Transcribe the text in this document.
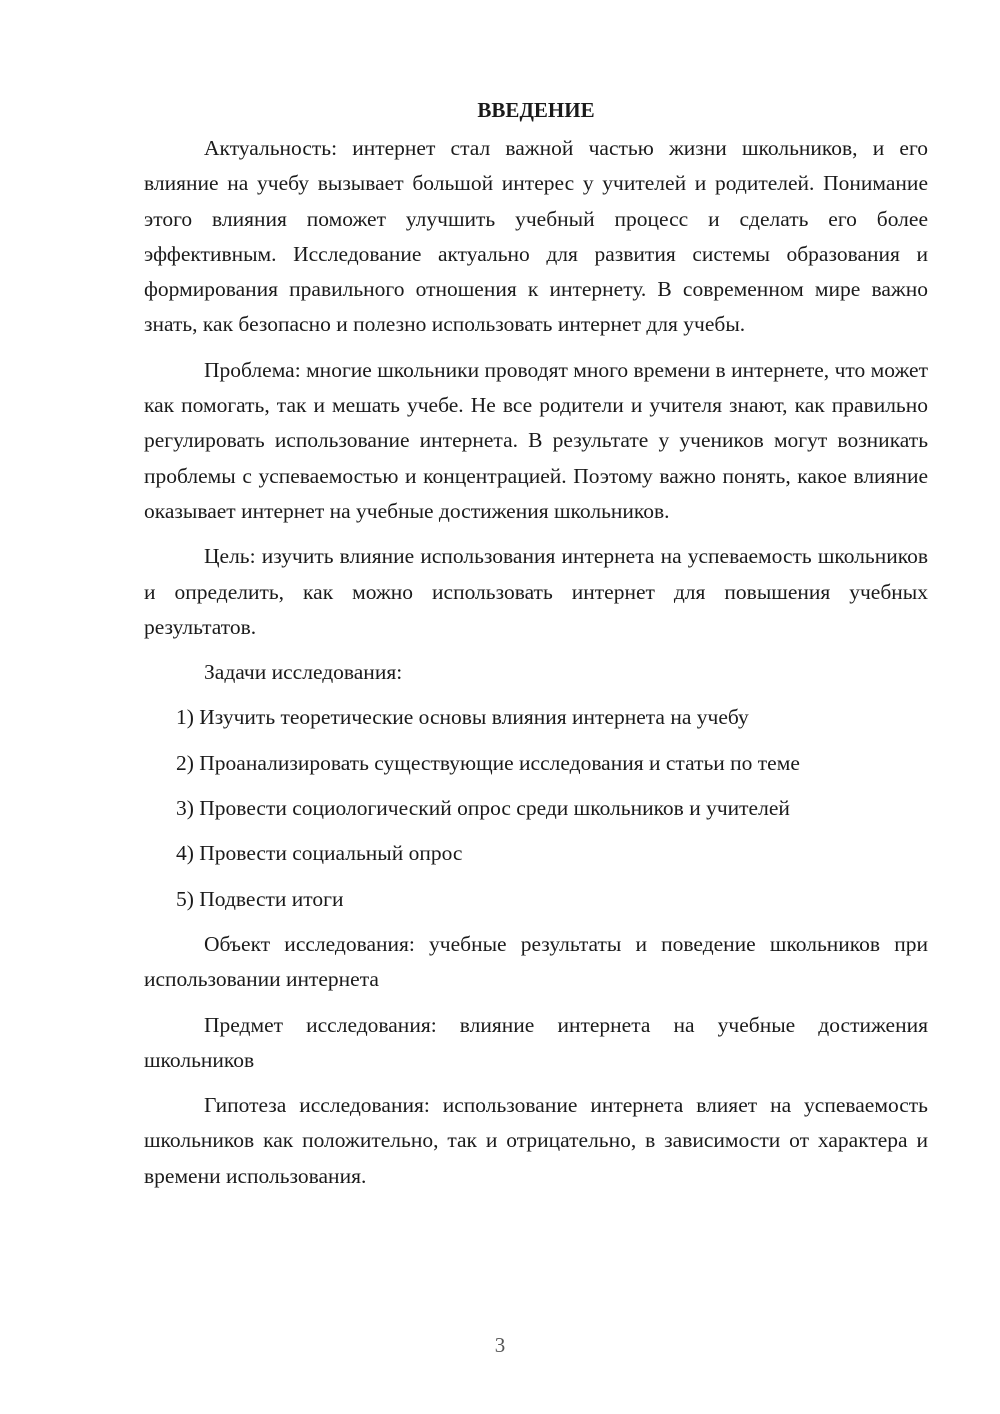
ВВЕДЕНИЕ

Актуальность: интернет стал важной частью жизни школьников, и его влияние на учебу вызывает большой интерес у учителей и родителей. Понимание этого влияния поможет улучшить учебный процесс и сделать его более эффективным. Исследование актуально для развития системы образования и формирования правильного отношения к интернету. В современном мире важно знать, как безопасно и полезно использовать интернет для учебы.

Проблема: многие школьники проводят много времени в интернете, что может как помогать, так и мешать учебе. Не все родители и учителя знают, как правильно регулировать использование интернета. В результате у учеников могут возникать проблемы с успеваемостью и концентрацией. Поэтому важно понять, какое влияние оказывает интернет на учебные достижения школьников.

Цель: изучить влияние использования интернета на успеваемость школьников и определить, как можно использовать интернет для повышения учебных результатов.

Задачи исследования:

1) Изучить теоретические основы влияния интернета на учебу

2) Проанализировать существующие исследования и статьи по теме

3) Провести социологический опрос среди школьников и учителей

4) Провести социальный опрос

5) Подвести итоги

Объект исследования: учебные результаты и поведение школьников при использовании интернета

Предмет исследования: влияние интернета на учебные достижения школьников

Гипотеза исследования: использование интернета влияет на успеваемость школьников как положительно, так и отрицательно, в зависимости от характера и времени использования.

3
